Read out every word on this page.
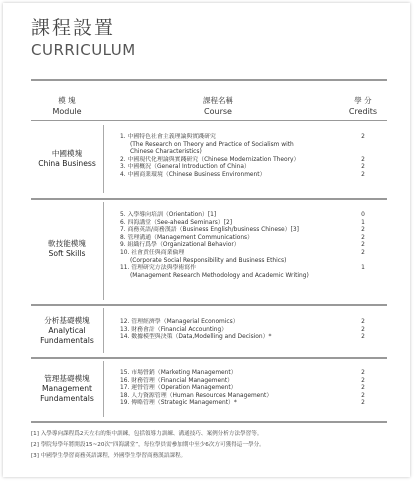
課程設置
CURRICULUM
模 塊
Module
課程名稱
Course
學 分
Credits
中國模塊
China Business
1. 中國特色社會主義理論與實踐研究
(The Research on Theory and Practice of Socialism with
Chinese Characteristics)
2. 中國現代化理論與實踐研究（Chinese Modernization Theory）
3. 中國概況（General Introduction of China）
4. 中國商業環境（Chinese Business Environment）
2
2
2
2
軟技能模塊
Soft Skills
5. 入學導向培訓（Orientation）[1]
6. 四海講堂（See-ahead Seminars）[2]
7. 商務英語/商務漢語（Business English/business Chinese）[3]
8. 管理溝通（Management Communications）
9. 組織行爲學（Organizational Behavior）
10. 社會責任與商業倫理
(Corporate Social Responsibility and Business Ethics)
11. 管理研究方法與學術寫作
(Management Research Methodology and Academic Writing)
0
1
2
2
2
2
1
分析基礎模塊
Analytical
Fundamentals
12. 管理經濟學（Managerial Economics）
13. 財務會計（Financial Accounting）
14. 數據模型與決策（Data,Modelling and Decision）*
2
2
2
管理基礎模塊
Management
Fundamentals
15. 市場營銷（Marketing Management）
16. 財務管理（Financial Management）
17. 運營管理（Operation Management）
18. 人力資源管理（Human Resources Management）
19. 傳略管理（Strategic Management）*
2
2
2
2
2
[1] 入學導向課程爲2天左右的集中訓練，包括領導力訓練、溝通技巧、案例分析方法學習等。
[2] 學院每學年將開設15~20次“四海講堂”，每位學員需參加期中至少6次方可獲得這一學分。
[3] 中國學生學習商務英語課程，外國學生學習商務漢語課程。
